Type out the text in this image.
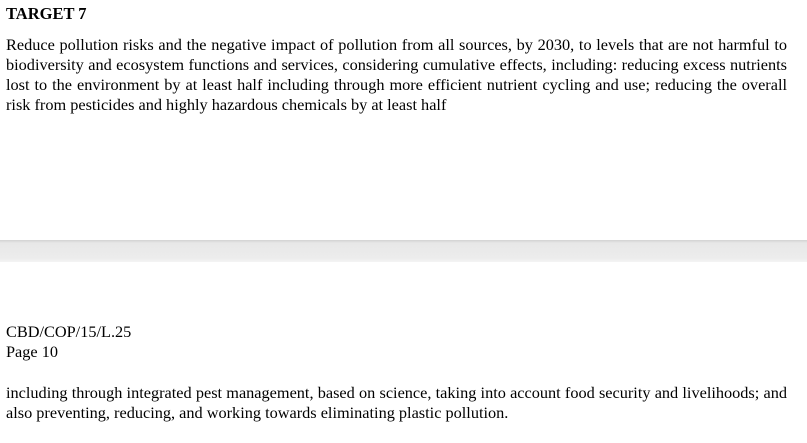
TARGET 7

Reduce pollution risks and the negative impact of pollution from all sources, by 2030, to levels that are not harmful to biodiversity and ecosystem functions and services, considering cumulative effects, including: reducing excess nutrients lost to the environment by at least half including through more efficient nutrient cycling and use; reducing the overall risk from pesticides and highly hazardous chemicals by at least half

CBD/COP/15/L.25

Page 10

including through integrated pest management, based on science, taking into account food security and livelihoods; and also preventing, reducing, and working towards eliminating plastic pollution.
